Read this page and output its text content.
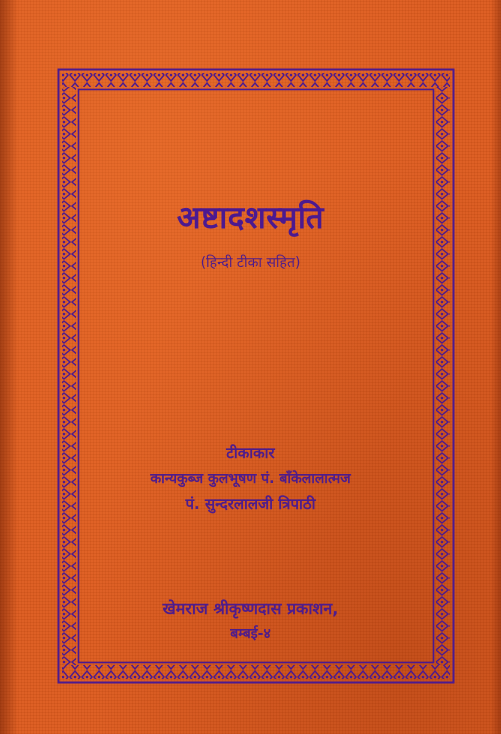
अष्टादशस्मृति
(हिन्दी टीका सहित)
टीकाकार
कान्यकुब्ज कुलभूषण पं. बाँकेलालात्मज
पं. सुन्दरलालजी त्रिपाठी
खेमराज श्रीकृष्णदास प्रकाशन,
बम्बई-४
